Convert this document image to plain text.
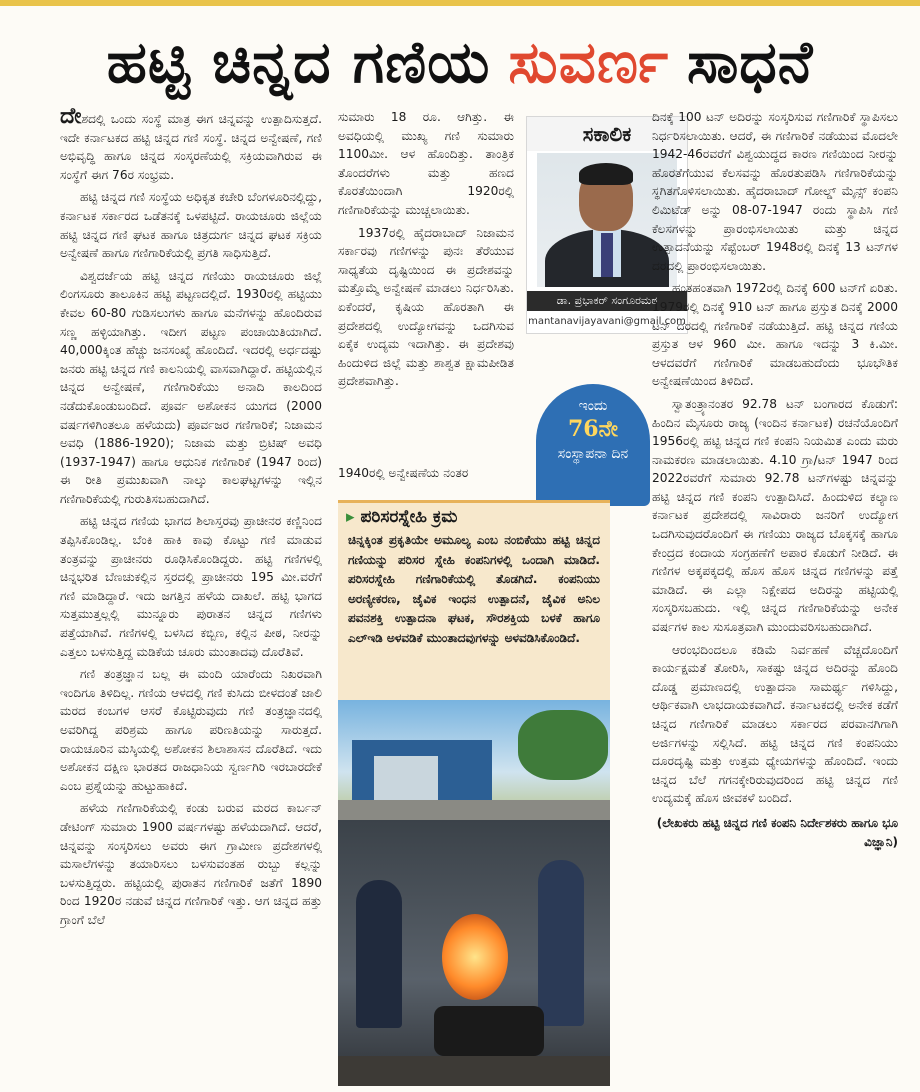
ಹಟ್ಟಿ ಚಿನ್ನದ ಗಣಿಯ ಸುವರ್ಣ ಸಾಧನೆ

ದೇಶದಲ್ಲಿ ಒಂದು ಸಂಸ್ಥೆ ಮಾತ್ರ ಈಗ ಚಿನ್ನವನ್ನು ಉತ್ಪಾದಿಸುತ್ತದೆ. ಇದೇ ಕರ್ನಾಟಕದ ಹಟ್ಟಿ ಚಿನ್ನದ ಗಣಿ ಸಂಸ್ಥೆ. ಚಿನ್ನದ ಅನ್ವೇಷಣೆ, ಗಣಿ ಅಭಿವೃದ್ಧಿ ಹಾಗೂ ಚಿನ್ನದ ಸಂಸ್ಕರಣೆಯಲ್ಲಿ ಸಕ್ರಿಯವಾಗಿರುವ ಈ ಸಂಸ್ಥೆಗೆ ಈಗ 76ರ ಸಂಭ್ರಮ.

ಹಟ್ಟಿ ಚಿನ್ನದ ಗಣಿ ಸಂಸ್ಥೆಯ ಅಧಿಕೃತ ಕಚೇರಿ ಬೆಂಗಳೂರಿನಲ್ಲಿದ್ದು, ಕರ್ನಾಟಕ ಸರ್ಕಾರದ ಒಡೆತನಕ್ಕೆ ಒಳಪಟ್ಟಿದೆ. ರಾಯಚೂರು ಜಿಲ್ಲೆಯ ಹಟ್ಟಿ ಚಿನ್ನದ ಗಣಿ ಘಟಕ ಹಾಗೂ ಚಿತ್ರದುರ್ಗ ಚಿನ್ನದ ಘಟಕ ಸಕ್ರಿಯ ಅನ್ವೇಷಣೆ ಹಾಗೂ ಗಣಿಗಾರಿಕೆಯಲ್ಲಿ ಪ್ರಗತಿ ಸಾಧಿಸುತ್ತಿದೆ.

ವಿಶ್ವದರ್ಜೆಯ ಹಟ್ಟಿ ಚಿನ್ನದ ಗಣಿಯು ರಾಯಚೂರು ಜಿಲ್ಲೆ ಲಿಂಗಸೂರು ತಾಲೂಕಿನ ಹಟ್ಟಿ ಪಟ್ಟಣದಲ್ಲಿದೆ. 1930ರಲ್ಲಿ ಹಟ್ಟಿಯು ಕೇವಲ 60-80 ಗುಡಿಸಲುಗಳು ಹಾಗೂ ಮನೆಗಳನ್ನು ಹೊಂದಿರುವ ಸಣ್ಣ ಹಳ್ಳಿಯಾಗಿತ್ತು. ಇದೀಗ ಪಟ್ಟಣ ಪಂಚಾಯಿತಿಯಾಗಿದೆ. 40,000ಕ್ಕಿಂತ ಹೆಚ್ಚು ಜನಸಂಖ್ಯೆ ಹೊಂದಿದೆ. ಇದರಲ್ಲಿ ಅರ್ಧದಷ್ಟು ಜನರು ಹಟ್ಟಿ ಚಿನ್ನದ ಗಣಿ ಕಾಲನಿಯಲ್ಲಿ ವಾಸವಾಗಿದ್ದಾರೆ. ಹಟ್ಟಿಯಲ್ಲಿನ ಚಿನ್ನದ ಅನ್ವೇಷಣೆ, ಗಣಿಗಾರಿಕೆಯು ಅನಾದಿ ಕಾಲದಿಂದ ನಡೆದುಕೊಂಡುಬಂದಿದೆ. ಪೂರ್ವ ಅಶೋಕನ ಯುಗದ (2000 ವರ್ಷಗಳಿಗಿಂತಲೂ ಹಳೆಯದು) ಪೂರ್ವಜರ ಗಣಿಗಾರಿಕೆ; ನಿಜಾಮನ ಅವಧಿ (1886-1920); ನಿಜಾಮ ಮತ್ತು ಬ್ರಿಟಿಷ್ ಅವಧಿ (1937-1947) ಹಾಗೂ ಆಧುನಿಕ ಗಣಿಗಾರಿಕೆ (1947 ರಿಂದ) ಈ ರೀತಿ ಪ್ರಮುಖವಾಗಿ ನಾಲ್ಕು ಕಾಲಘಟ್ಟಗಳನ್ನು ಇಲ್ಲಿನ ಗಣಿಗಾರಿಕೆಯಲ್ಲಿ ಗುರುತಿಸಬಹುದಾಗಿದೆ.

ಹಟ್ಟಿ ಚಿನ್ನದ ಗಣಿಯ ಭಾಗದ ಶಿಲಾಸ್ತರವು ಪ್ರಾಚೀನರ ಕಣ್ಣಿನಿಂದ ತಪ್ಪಿಸಿಕೊಂಡಿಲ್ಲ. ಬೆಂಕಿ ಹಾಕಿ ಕಾವು ಕೊಟ್ಟು ಗಣಿ ಮಾಡುವ ತಂತ್ರವನ್ನು ಪ್ರಾಚೀನರು ರೂಢಿಸಿಕೊಂಡಿದ್ದರು. ಹಟ್ಟಿ ಗಣಿಗಳಲ್ಲಿ ಚಿನ್ನಭರಿತ ಬೆಣಚುಕಲ್ಲಿನ ಸ್ತರದಲ್ಲಿ ಪ್ರಾಚೀನರು 195 ಮೀ.ವರೆಗೆ ಗಣಿ ಮಾಡಿದ್ದಾರೆ. ಇದು ಜಗತ್ತಿನ ಹಳೆಯ ದಾಖಲೆ. ಹಟ್ಟಿ ಭಾಗದ ಸುತ್ತಮುತ್ತಲ್ಲಲ್ಲಿ ಮುನ್ನೂರು ಪುರಾತನ ಚಿನ್ನದ ಗಣಿಗಳು ಪತ್ತೆಯಾಗಿವೆ. ಗಣಿಗಳಲ್ಲಿ ಬಳಸಿದ ಕಬ್ಬಿಣ, ಕಲ್ಲಿನ ಪೀಠ, ನೀರನ್ನು ಎತ್ತಲು ಬಳಸುತ್ತಿದ್ದ ಮಡಿಕೆಯ ಚೂರು ಮುಂತಾದವು ದೊರೆತಿವೆ.

ಗಣಿ ತಂತ್ರಜ್ಞಾನ ಬಲ್ಲ ಈ ಮಂದಿ ಯಾರೆಂದು ನಿಖರವಾಗಿ ಇಂದಿಗೂ ತಿಳಿದಿಲ್ಲ. ಗಣಿಯ ಆಳದಲ್ಲಿ ಗಣಿ ಕುಸಿದು ಬೀಳದಂತೆ ಜಾಲಿ ಮರದ ಕಂಬಗಳ ಆಸರೆ ಕೊಟ್ಟಿರುವುದು ಗಣಿ ತಂತ್ರಜ್ಞಾನದಲ್ಲಿ ಅವರಿಗಿದ್ದ ಪರಿಶ್ರಮ ಹಾಗೂ ಪರಿಣತಿಯನ್ನು ಸಾರುತ್ತದೆ. ರಾಯಚೂರಿನ ಮಸ್ಕಿಯಲ್ಲಿ ಅಶೋಕನ ಶಿಲಾಶಾಸನ ದೊರೆತಿದೆ. ಇದು ಅಶೋಕನ ದಕ್ಷಿಣ ಭಾರತದ ರಾಜಧಾನಿಯ ಸ್ವರ್ಣಗಿರಿ ಇರಬಾರದೇಕೆ ಎಂಬ ಪ್ರಶ್ನೆಯನ್ನು ಹುಟ್ಟುಹಾಕಿದೆ.

ಹಳೆಯ ಗಣಿಗಾರಿಕೆಯಲ್ಲಿ ಕಂಡು ಬರುವ ಮರದ ಕಾರ್ಬನ್ ಡೇಟಿಂಗ್ ಸುಮಾರು 1900 ವರ್ಷಗಳಷ್ಟು ಹಳೆಯದಾಗಿದೆ. ಆದರೆ, ಚಿನ್ನವನ್ನು ಸಂಸ್ಕರಿಸಲು ಅವರು ಈಗ ಗ್ರಾಮೀಣ ಪ್ರದೇಶಗಳಲ್ಲಿ ಮಸಾಲೆಗಳನ್ನು ತಯಾರಿಸಲು ಬಳಸುವಂತಹ ರುಬ್ಬು ಕಲ್ಲನ್ನು ಬಳಸುತ್ತಿದ್ದರು. ಹಟ್ಟಿಯಲ್ಲಿ ಪುರಾತನ ಗಣಿಗಾರಿಕೆ ಜತೆಗೆ 1890 ರಿಂದ 1920ರ ನಡುವೆ ಚಿನ್ನದ ಗಣಿಗಾರಿಕೆ ಇತ್ತು. ಆಗ ಚಿನ್ನದ ಹತ್ತು ಗ್ರಾಂಗೆ ಬೆಲೆ

ಸುಮಾರು 18 ರೂ. ಆಗಿತ್ತು. ಈ ಅವಧಿಯಲ್ಲಿ ಮುಖ್ಯ ಗಣಿ ಸುಮಾರು 1100ಮೀ. ಆಳ ಹೊಂದಿತ್ತು. ತಾಂತ್ರಿಕ ತೊಂದರೆಗಳು ಮತ್ತು ಹಣದ ಕೊರತೆಯಿಂದಾಗಿ 1920ರಲ್ಲಿ ಗಣಿಗಾರಿಕೆಯನ್ನು ಮುಚ್ಚಲಾಯಿತು.

1937ರಲ್ಲಿ ಹೈದರಾಬಾದ್ ನಿಜಾಮನ ಸರ್ಕಾರವು ಗಣಿಗಳನ್ನು ಪುನಃ ತೆರೆಯುವ ಸಾಧ್ಯತೆಯ ದೃಷ್ಟಿಯಿಂದ ಈ ಪ್ರದೇಶವನ್ನು ಮತ್ತೊಮ್ಮೆ ಅನ್ವೇಷಣೆ ಮಾಡಲು ನಿರ್ಧರಿಸಿತು. ಏಕೆಂದರೆ, ಕೃಷಿಯ ಹೊರತಾಗಿ ಈ ಪ್ರದೇಶದಲ್ಲಿ ಉದ್ಯೋಗವನ್ನು ಒದಗಿಸುವ ಏಕೈಕ ಉದ್ಯಮ ಇದಾಗಿತ್ತು. ಈ ಪ್ರದೇಶವು ಹಿಂದುಳಿದ ಜಿಲ್ಲೆ ಮತ್ತು ಶಾಶ್ವತ ಕ್ಷಾಮಪೀಡಿತ ಪ್ರದೇಶವಾಗಿತ್ತು.

1940ರಲ್ಲಿ ಅನ್ವೇಷಣೆಯ ನಂತರ
ಸಕಾಲಿಕ
ಡಾ. ಪ್ರಭಾಕರ್ ಸಂಗೂರಮಠ
mantanavijayavani@gmail.com
ಇಂದು
76ನೇ
ಸಂಸ್ಥಾಪನಾ ದಿನ
▸ ಪರಿಸರಸ್ನೇಹಿ ಕ್ರಮ
ಚಿನ್ನಕ್ಕಿಂತ ಪ್ರಕೃತಿಯೇ ಅಮೂಲ್ಯ ಎಂಬ ನಂಬಿಕೆಯು ಹಟ್ಟಿ ಚಿನ್ನದ ಗಣಿಯನ್ನು ಪರಿಸರ ಸ್ನೇಹಿ ಕಂಪನಿಗಳಲ್ಲಿ ಒಂದಾಗಿ ಮಾಡಿದೆ. ಪರಿಸರಸ್ನೇಹಿ ಗಣಿಗಾರಿಕೆಯಲ್ಲಿ ತೊಡಗಿದೆ. ಕಂಪನಿಯು ಅರಣ್ಯೀಕರಣ, ಜೈವಿಕ ಇಂಧನ ಉತ್ಪಾದನೆ, ಜೈವಿಕ ಅನಿಲ ಪವನಶಕ್ತಿ ಉತ್ಪಾದನಾ ಘಟಕ, ಸೌರಶಕ್ತಿಯ ಬಳಕೆ ಹಾಗೂ ಎಲ್‌ಇಡಿ ಅಳವಡಿಕೆ ಮುಂತಾದವುಗಳನ್ನು ಅಳವಡಿಸಿಕೊಂಡಿದೆ.

ದಿನಕ್ಕೆ 100 ಟನ್ ಅದಿರನ್ನು ಸಂಸ್ಕರಿಸುವ ಗಣಿಗಾರಿಕೆ ಸ್ಥಾಪಿಸಲು ನಿರ್ಧರಿಸಲಾಯಿತು. ಆದರೆ, ಈ ಗಣಿಗಾರಿಕೆ ನಡೆಯುವ ಮೊದಲೇ 1942-46ರವರೆಗೆ ವಿಶ್ವಯುದ್ಧದ ಕಾರಣ ಗಣಿಯಿಂದ ನೀರನ್ನು ಹೊರತೆಗೆಯುವ ಕೆಲಸವನ್ನು ಹೊರತುಪಡಿಸಿ ಗಣಿಗಾರಿಕೆಯನ್ನು ಸ್ಥಗಿತಗೊಳಿಸಲಾಯಿತು. ಹೈದರಾಬಾದ್ ಗೋಲ್ಡ್ ಮೈನ್ಸ್ ಕಂಪನಿ ಲಿಮಿಟೆಡ್ ಅನ್ನು 08-07-1947 ರಂದು ಸ್ಥಾಪಿಸಿ ಗಣಿ ಕೆಲಸಗಳನ್ನು ಪ್ರಾರಂಭಿಸಲಾಯಿತು ಮತ್ತು ಚಿನ್ನದ ಉತ್ಪಾದನೆಯನ್ನು ಸೆಪ್ಟೆಂಬರ್ 1948ರಲ್ಲಿ ದಿನಕ್ಕೆ 13 ಟನ್‌ಗಳ ದರದಲ್ಲಿ ಪ್ರಾರಂಭಿಸಲಾಯಿತು.

ಹಂತಹಂತವಾಗಿ 1972ರಲ್ಲಿ ದಿನಕ್ಕೆ 600 ಟನ್‌ಗೆ ಏರಿತು. 1979ರಲ್ಲಿ ದಿನಕ್ಕೆ 910 ಟನ್ ಹಾಗೂ ಪ್ರಸ್ತುತ ದಿನಕ್ಕೆ 2000 ಟನ್ ದರದಲ್ಲಿ ಗಣಿಗಾರಿಕೆ ನಡೆಯುತ್ತಿದೆ. ಹಟ್ಟಿ ಚಿನ್ನದ ಗಣಿಯ ಪ್ರಸ್ತುತ ಆಳ 960 ಮೀ. ಹಾಗೂ ಇದನ್ನು 3 ಕಿ.ಮೀ. ಆಳದವರೆಗೆ ಗಣಿಗಾರಿಕೆ ಮಾಡಬಹುದೆಂದು ಭೂಭೌತಿಕ ಅನ್ವೇಷಣೆಯಿಂದ ತಿಳಿದಿದೆ.

ಸ್ವಾತಂತ್ರ್ಯಾನಂತರ 92.78 ಟನ್ ಬಂಗಾರದ ಕೊಡುಗೆ: ಹಿಂದಿನ ಮೈಸೂರು ರಾಜ್ಯ (ಇಂದಿನ ಕರ್ನಾಟಕ) ರಚನೆಯೊಂದಿಗೆ 1956ರಲ್ಲಿ ಹಟ್ಟಿ ಚಿನ್ನದ ಗಣಿ ಕಂಪನಿ ನಿಯಮಿತ ಎಂದು ಮರು ನಾಮಕರಣ ಮಾಡಲಾಯಿತು. 4.10 ಗ್ರಾ/ಟನ್ 1947 ರಿಂದ 2022ರವರೆಗೆ ಸುಮಾರು 92.78 ಟನ್‌ಗಳಷ್ಟು ಚಿನ್ನವನ್ನು ಹಟ್ಟಿ ಚಿನ್ನದ ಗಣಿ ಕಂಪನಿ ಉತ್ಪಾದಿಸಿದೆ. ಹಿಂದುಳಿದ ಕಲ್ಯಾಣ ಕರ್ನಾಟಕ ಪ್ರದೇಶದಲ್ಲಿ ಸಾವಿರಾರು ಜನರಿಗೆ ಉದ್ಯೋಗ ಒದಗಿಸುವುದರೊಂದಿಗೆ ಈ ಗಣಿಯು ರಾಜ್ಯದ ಬೊಕ್ಕಸಕ್ಕೆ ಹಾಗೂ ಕೇಂದ್ರದ ಕಂದಾಯ ಸಂಗ್ರಹಣೆಗೆ ಅಪಾರ ಕೊಡುಗೆ ನೀಡಿದೆ. ಈ ಗಣಿಗಳ ಅಕ್ಕಪಕ್ಕದಲ್ಲಿ ಹೊಸ ಹೊಸ ಚಿನ್ನದ ಗಣಿಗಳನ್ನು ಪತ್ತೆ ಮಾಡಿದೆ. ಈ ಎಲ್ಲಾ ನಿಕ್ಷೇಪದ ಅದಿರನ್ನು ಹಟ್ಟಿಯಲ್ಲಿ ಸಂಸ್ಕರಿಸಬಹುದು. ಇಲ್ಲಿ ಚಿನ್ನದ ಗಣಿಗಾರಿಕೆಯನ್ನು ಅನೇಕ ವರ್ಷಗಳ ಕಾಲ ಸುಸೂತ್ರವಾಗಿ ಮುಂದುವರಿಸಬಹುದಾಗಿದೆ.

ಆರಂಭದಿಂದಲೂ ಕಡಿಮೆ ನಿರ್ವಹಣೆ ವೆಚ್ಚದೊಂದಿಗೆ ಕಾರ್ಯಕ್ಷಮತೆ ತೋರಿಸಿ, ಸಾಕಷ್ಟು ಚಿನ್ನದ ಅದಿರನ್ನು ಹೊಂದಿ ದೊಡ್ಡ ಪ್ರಮಾಣದಲ್ಲಿ ಉತ್ಪಾದನಾ ಸಾಮರ್ಥ್ಯ ಗಳಿಸಿದ್ದು, ಆರ್ಥಿಕವಾಗಿ ಲಾಭದಾಯಕವಾಗಿದೆ. ಕರ್ನಾಟಕದಲ್ಲಿ ಅನೇಕ ಕಡೆಗೆ ಚಿನ್ನದ ಗಣಿಗಾರಿಕೆ ಮಾಡಲು ಸರ್ಕಾರದ ಪರವಾನಗಿಗಾಗಿ ಅರ್ಜಿಗಳನ್ನು ಸಲ್ಲಿಸಿದೆ. ಹಟ್ಟಿ ಚಿನ್ನದ ಗಣಿ ಕಂಪನಿಯು ದೂರದೃಷ್ಟಿ ಮತ್ತು ಉತ್ತಮ ಧ್ಯೇಯಗಳನ್ನು ಹೊಂದಿದೆ. ಇಂದು ಚಿನ್ನದ ಬೆಲೆ ಗಗನಕ್ಕೇರಿರುವುದರಿಂದ ಹಟ್ಟಿ ಚಿನ್ನದ ಗಣಿ ಉದ್ಯಮಕ್ಕೆ ಹೊಸ ಜೀವಕಳೆ ಬಂದಿದೆ.

(ಲೇಖಕರು ಹಟ್ಟಿ ಚಿನ್ನದ ಗಣಿ ಕಂಪನಿ ನಿರ್ದೇಶಕರು ಹಾಗೂ ಭೂ ವಿಜ್ಞಾನಿ)
